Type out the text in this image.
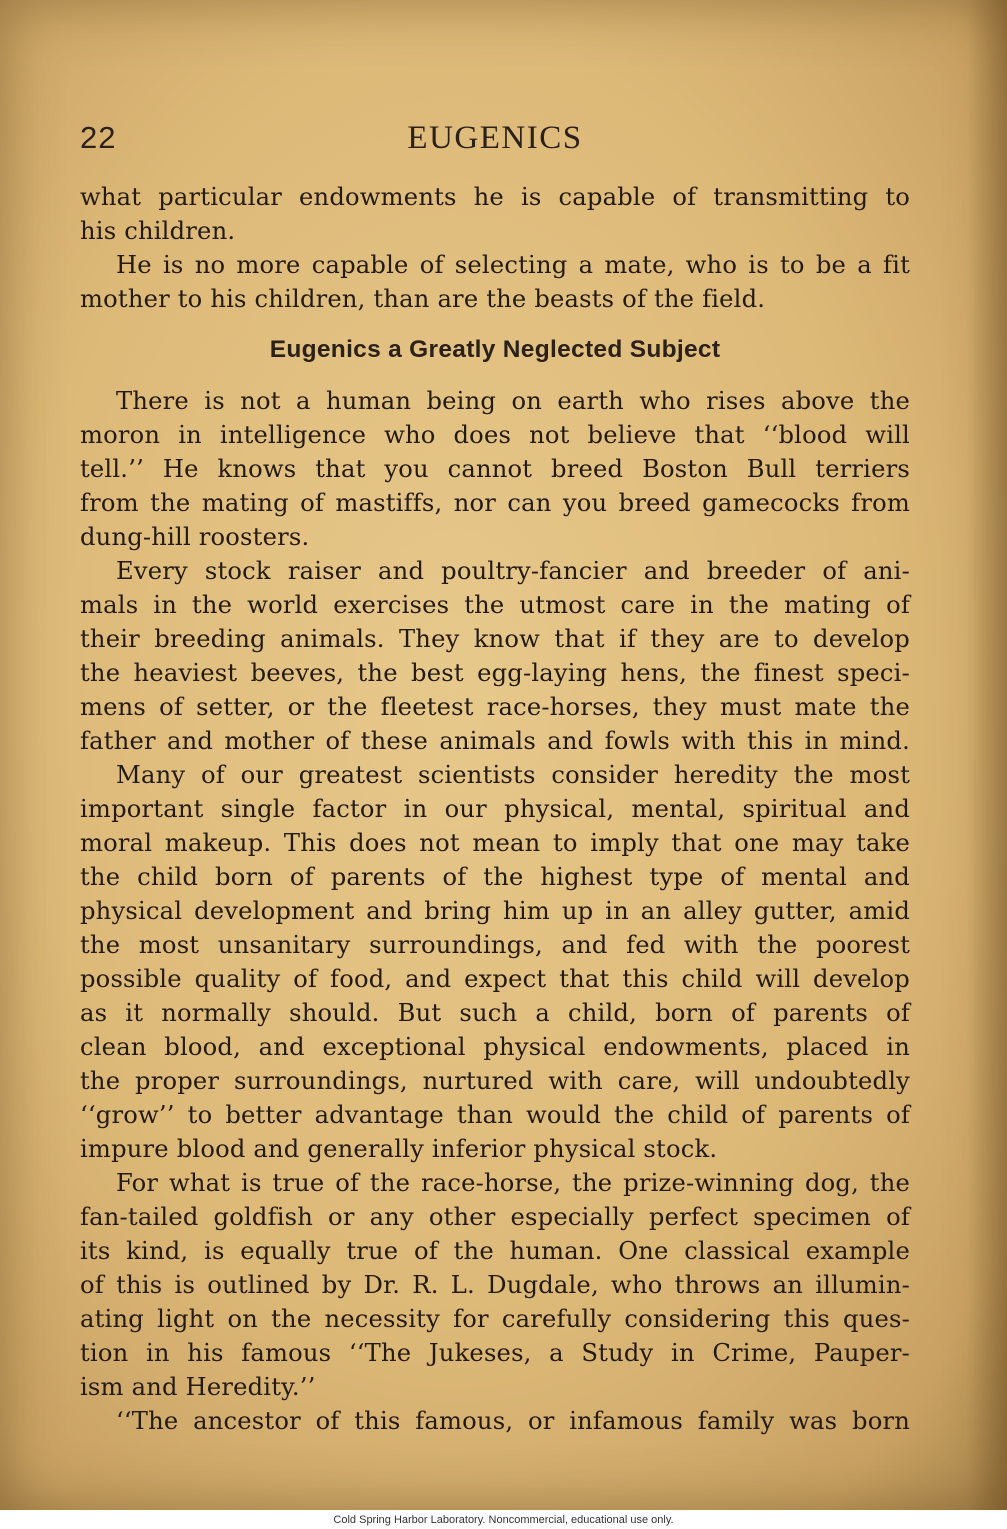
22	EUGENICS
what particular endowments he is capable of transmitting to
his children.
He is no more capable of selecting a mate, who is to be a fit
mother to his children, than are the beasts of the field.
Eugenics a Greatly Neglected Subject
There is not a human being on earth who rises above the
moron in intelligence who does not believe that ‘‘blood will
tell.’’ He knows that you cannot breed Boston Bull terriers
from the mating of mastiffs, nor can you breed gamecocks from
dung-hill roosters.
Every stock raiser and poultry-fancier and breeder of ani-
mals in the world exercises the utmost care in the mating of
their breeding animals. They know that if they are to develop
the heaviest beeves, the best egg-laying hens, the finest speci-
mens of setter, or the fleetest race-horses, they must mate the
father and mother of these animals and fowls with this in mind.
Many of our greatest scientists consider heredity the most
important single factor in our physical, mental, spiritual and
moral makeup. This does not mean to imply that one may take
the child born of parents of the highest type of mental and
physical development and bring him up in an alley gutter, amid
the most unsanitary surroundings, and fed with the poorest
possible quality of food, and expect that this child will develop
as it normally should. But such a child, born of parents of
clean blood, and exceptional physical endowments, placed in
the proper surroundings, nurtured with care, will undoubtedly
‘‘grow’’ to better advantage than would the child of parents of
impure blood and generally inferior physical stock.
For what is true of the race-horse, the prize-winning dog, the
fan-tailed goldfish or any other especially perfect specimen of
its kind, is equally true of the human. One classical example
of this is outlined by Dr. R. L. Dugdale, who throws an illumin-
ating light on the necessity for carefully considering this ques-
tion in his famous ‘‘The Jukeses, a Study in Crime, Pauper-
ism and Heredity.’’
‘‘The ancestor of this famous, or infamous family was born
Cold Spring Harbor Laboratory. Noncommercial, educational use only.
